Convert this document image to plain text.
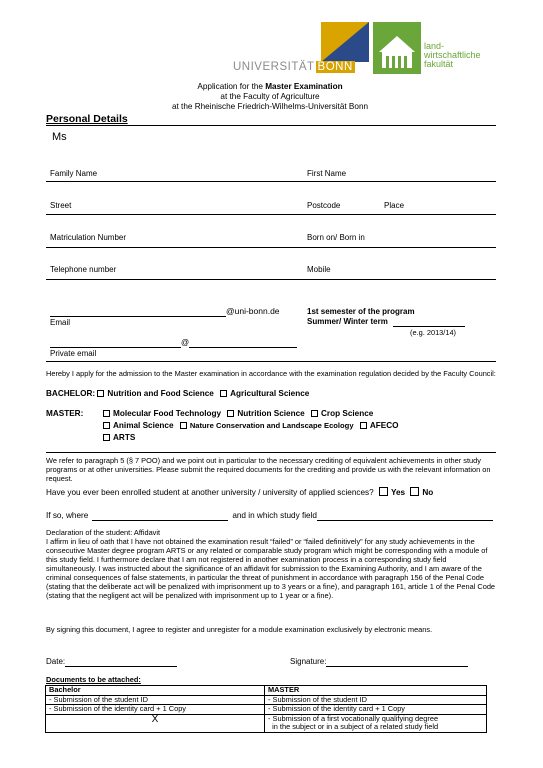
UNIVERSITÄT BONN
land-
wirtschaftliche
fakultät
Application for the Master Examination
at the Faculty of Agriculture
at the Rheinische Friedrich-Wilhelms-Universität Bonn
Personal Details
Ms
Family Name	First Name
Street	Postcode	Place
Matriculation Number	Born on/ Born in
Telephone number	Mobile
@uni-bonn.de
Email
1st semester of the program
Summer/ Winter term
(e.g. 2013/14)
@
Private email
Hereby I apply for the admission to the Master examination in accordance with the examination regulation decided by the Faculty Council:
BACHELOR: Nutrition and Food Science Agricultural Science
MASTER:	Molecular Food Technology Nutrition Science Crop Science
Animal Science Nature Conservation and Landscape Ecology AFECO
ARTS
We refer to paragraph 5 (§ 7 POO) and we point out in particular to the necessary crediting of equivalent achievements in other study programs or at other universities. Please submit the required documents for the crediting and provide us with the relevant information on request.
Have you ever been enrolled student at another university / university of applied sciences? Yes No
If so, where	and in which study field
Declaration of the student: Affidavit
I affirm in lieu of oath that I have not obtained the examination result “failed” or “failed definitively” for any study achievements in the consecutive Master degree program ARTS or any related or comparable study program which might be corresponding with a module of this study field. I furthermore declare that I am not registered in another examination process in a corresponding study field simultaneously. I was instructed about the significance of an affidavit for submission to the Examining Authority, and I am aware of the criminal consequences of false statements, in particular the threat of punishment in accordance with paragraph 156 of the Penal Code (stating that the deliberate act will be penalized with imprisonment up to 3 years or a fine), and paragraph 161, article 1 of the Penal Code (stating that the negligent act will be penalized with imprisonment up to 1 year or a fine).
By signing this document, I agree to register and unregister for a module examination exclusively by electronic means.
Date:	Signature:
Documents to be attached:
Bachelor	MASTER
- Submission of the student ID	- Submission of the student ID
- Submission of the identity card + 1 Copy	- Submission of the identity card + 1 Copy
X	- Submission of a first vocationally qualifying degree
in the subject or in a subject of a related study field
